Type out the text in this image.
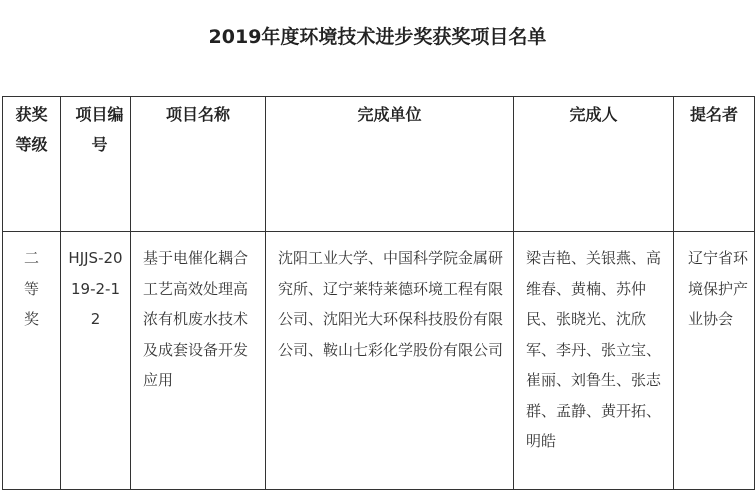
2019年度环境技术进步奖获奖项目名单
获奖等级	项目编号	项目名称	完成单位	完成人	提名者
二等奖	HJJS-2019-2-12	基于电催化耦合工艺高效处理高浓有机废水技术及成套设备开发应用	沈阳工业大学、中国科学院金属研究所、辽宁莱特莱德环境工程有限公司、沈阳光大环保科技股份有限公司、鞍山七彩化学股份有限公司	梁吉艳、关银燕、高维春、黄楠、苏仲民、张晓光、沈欣军、李丹、张立宝、崔丽、刘鲁生、张志群、孟静、黄开拓、明皓	辽宁省环境保护产业协会
